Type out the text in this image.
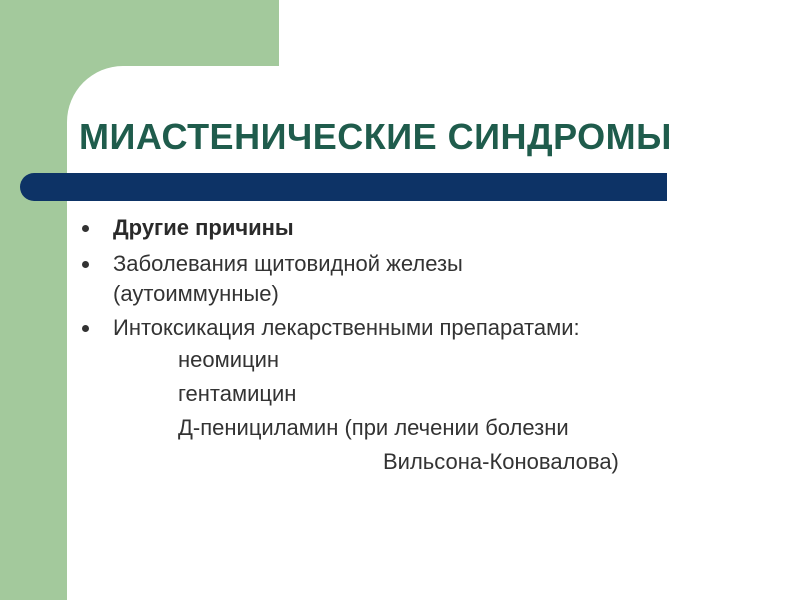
МИАСТЕНИЧЕСКИЕ СИНДРОМЫ
Другие причины
Заболевания щитовидной железы
(аутоиммунные)
Интоксикация лекарственными препаратами:
неомицин
гентамицин
Д-пенициламин (при лечении болезни
Вильсона-Коновалова)
